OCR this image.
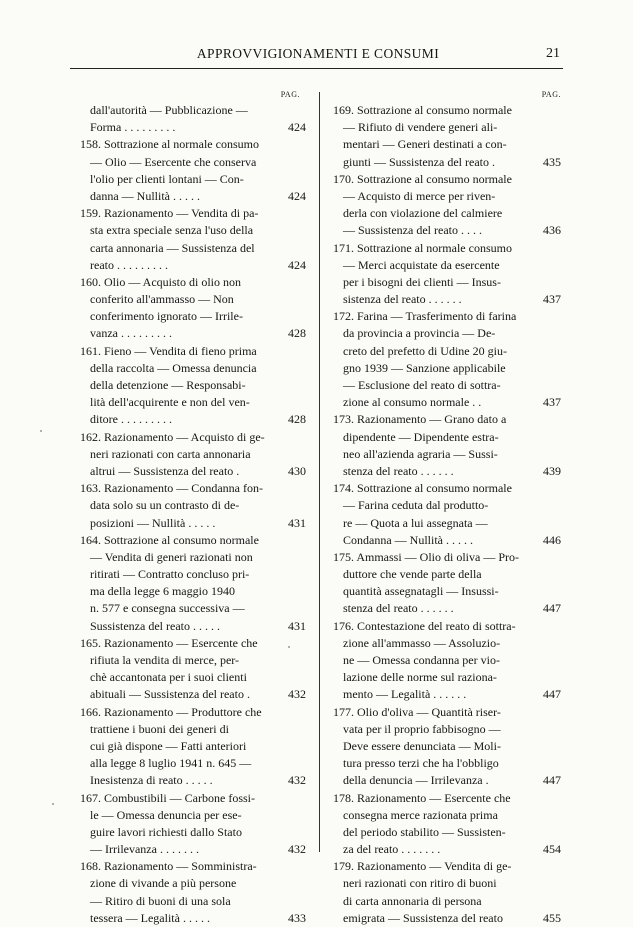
APPROVVIGIONAMENTI E CONSUMI	21
PAG.
dall'autorità — Pubblicazione —
Forma . . . . . . . . .	424
158. Sottrazione al normale consumo
— Olio — Esercente che conserva
l'olio per clienti lontani — Con-
danna — Nullità . . . . .	424
159. Razionamento — Vendita di pa-
sta extra speciale senza l'uso della
carta annonaria — Sussistenza del
reato . . . . . . . . .	424
160. Olio — Acquisto di olio non
conferito all'ammasso — Non
conferimento ignorato — Irrile-
vanza . . . . . . . . .	428
161. Fieno — Vendita di fieno prima
della raccolta — Omessa denuncia
della detenzione — Responsabi-
lità dell'acquirente e non del ven-
ditore . . . . . . . . .	428
162. Razionamento — Acquisto di ge-
neri razionati con carta annonaria
altrui — Sussistenza del reato .	430
163. Razionamento — Condanna fon-
data solo su un contrasto di de-
posizioni — Nullità . . . . .	431
164. Sottrazione al consumo normale
— Vendita di generi razionati non
ritirati — Contratto concluso pri-
ma della legge 6 maggio 1940
n. 577 e consegna successiva —
Sussistenza del reato . . . . .	431
165. Razionamento — Esercente che
rifiuta la vendita di merce, per-
chè accantonata per i suoi clienti
abituali — Sussistenza del reato .	432
166. Razionamento — Produttore che
trattiene i buoni dei generi di
cui già dispone — Fatti anteriori
alla legge 8 luglio 1941 n. 645 —
Inesistenza di reato . . . . .	432
167. Combustibili — Carbone fossi-
le — Omessa denuncia per ese-
guire lavori richiesti dallo Stato
— Irrilevanza . . . . . . .	432
168. Razionamento — Somministra-
zione di vivande a più persone
— Ritiro di buoni di una sola
tessera — Legalità . . . . .	433
PAG.
169. Sottrazione al consumo normale
— Rifiuto di vendere generi ali-
mentari — Generi destinati a con-
giunti — Sussistenza del reato .	435
170. Sottrazione al consumo normale
— Acquisto di merce per riven-
derla con violazione del calmiere
— Sussistenza del reato . . . .	436
171. Sottrazione al normale consumo
— Merci acquistate da esercente
per i bisogni dei clienti — Insus-
sistenza del reato . . . . . .	437
172. Farina — Trasferimento di farina
da provincia a provincia — De-
creto del prefetto di Udine 20 giu-
gno 1939 — Sanzione applicabile
— Esclusione del reato di sottra-
zione al consumo normale . .	437
173. Razionamento — Grano dato a
dipendente — Dipendente estra-
neo all'azienda agraria — Sussi-
stenza del reato . . . . . .	439
174. Sottrazione al consumo normale
— Farina ceduta dal produtto-
re — Quota a lui assegnata —
Condanna — Nullità . . . . .	446
175. Ammassi — Olio di oliva — Pro-
duttore che vende parte della
quantità assegnatagli — Insussi-
stenza del reato . . . . . .	447
176. Contestazione del reato di sottra-
zione all'ammasso — Assoluzio-
ne — Omessa condanna per vio-
lazione delle norme sul raziona-
mento — Legalità . . . . . .	447
177. Olio d'oliva — Quantità riser-
vata per il proprio fabbisogno —
Deve essere denunciata — Moli-
tura presso terzi che ha l'obbligo
della denuncia — Irrilevanza .	447
178. Razionamento — Esercente che
consegna merce razionata prima
del periodo stabilito — Sussisten-
za del reato . . . . . . .	454
179. Razionamento — Vendita di ge-
neri razionati con ritiro di buoni
di carta annonaria di persona
emigrata — Sussistenza del reato	455
